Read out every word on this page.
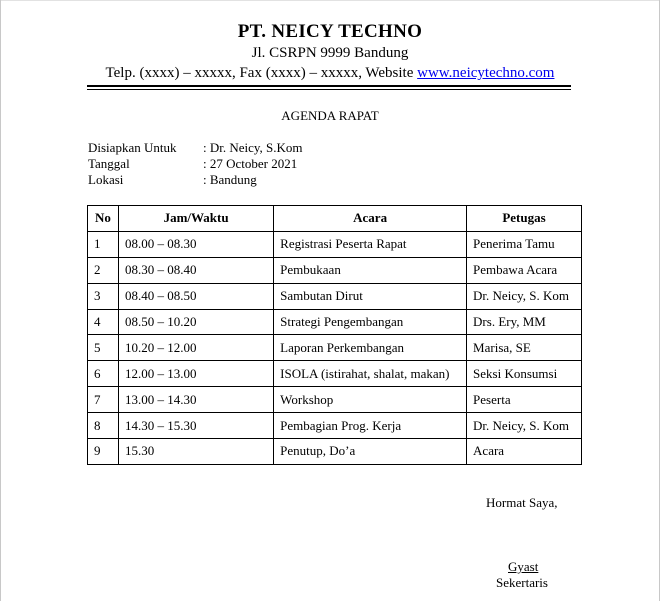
PT. NEICY TECHNO
Jl. CSRPN 9999 Bandung
Telp. (xxxx) – xxxxx, Fax (xxxx) – xxxxx, Website www.neicytechno.com
AGENDA RAPAT
Disiapkan Untuk : Dr. Neicy, S.Kom
Tanggal	: 27 October 2021
Lokasi	: Bandung
No	Jam/Waktu	Acara	Petugas
1	08.00 – 08.30	Registrasi Peserta Rapat	Penerima Tamu
2	08.30 – 08.40	Pembukaan	Pembawa Acara
3	08.40 – 08.50	Sambutan Dirut	Dr. Neicy, S. Kom
4	08.50 – 10.20	Strategi Pengembangan	Drs. Ery, MM
5	10.20 – 12.00	Laporan Perkembangan	Marisa, SE
6	12.00 – 13.00	ISOLA (istirahat, shalat, makan)	Seksi Konsumsi
7	13.00 – 14.30	Workshop	Peserta
8	14.30 – 15.30	Pembagian Prog. Kerja	Dr. Neicy, S. Kom
9	15.30	Penutup, Do’a	Acara
Hormat Saya,
Gyast
Sekertaris
